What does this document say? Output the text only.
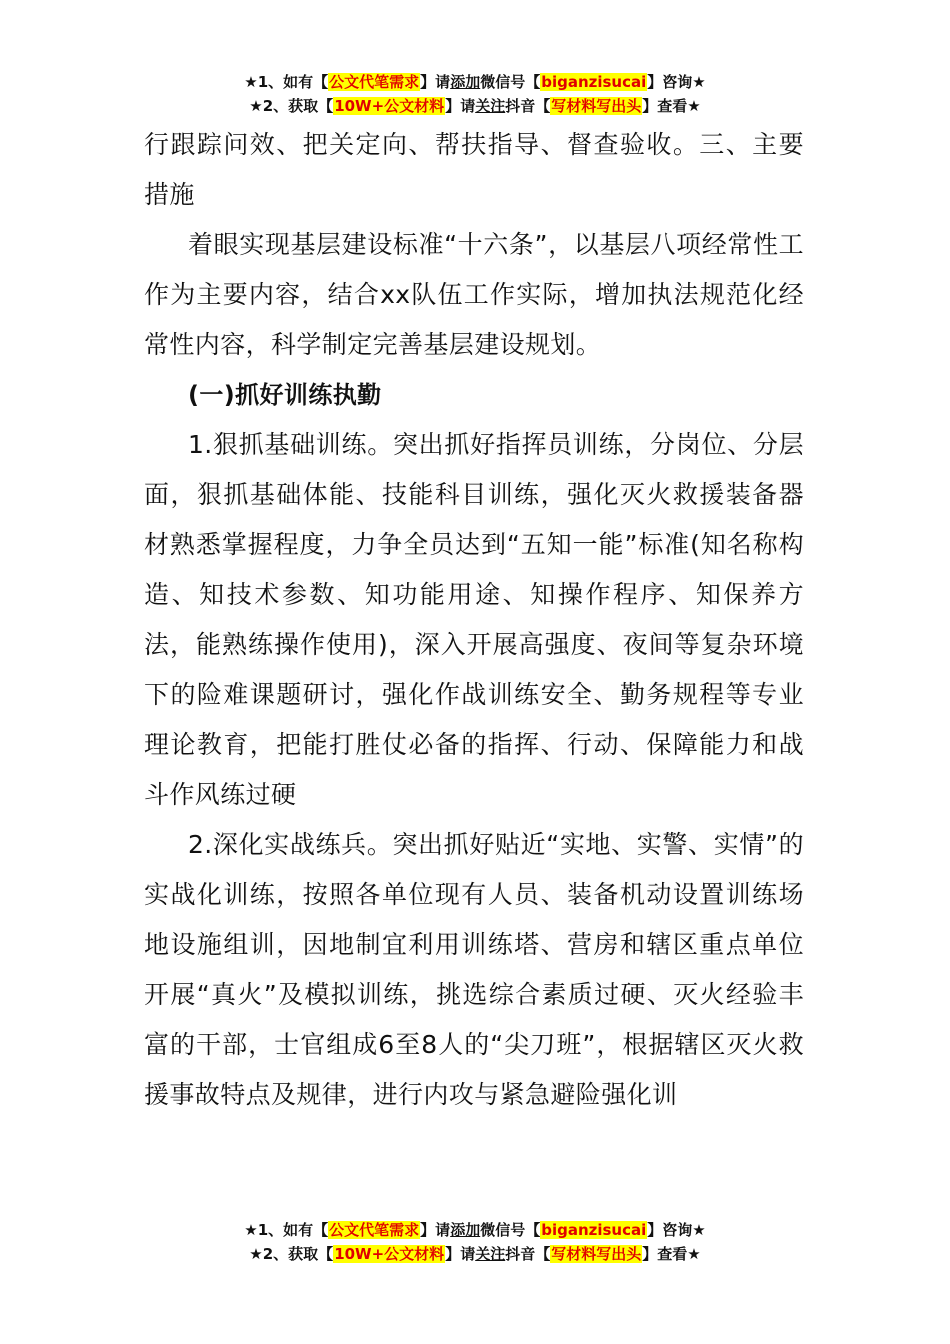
★1、如有【公文代笔需求】请添加微信号【biganzisucai】咨询★
★2、获取【10W+公文材料】请关注抖音【写材料写出头】查看★

行跟踪问效、把关定向、帮扶指导、督查验收。三、主要措施

着眼实现基层建设标准“十六条”，以基层八项经常性工作为主要内容，结合xx队伍工作实际，增加执法规范化经常性内容，科学制定完善基层建设规划。

(一)抓好训练执勤

1.狠抓基础训练。突出抓好指挥员训练，分岗位、分层面，狠抓基础体能、技能科目训练，强化灭火救援装备器材熟悉掌握程度，力争全员达到“五知一能”标准(知名称构造、知技术参数、知功能用途、知操作程序、知保养方法，能熟练操作使用)，深入开展高强度、夜间等复杂环境下的险难课题研讨，强化作战训练安全、勤务规程等专业理论教育，把能打胜仗必备的指挥、行动、保障能力和战斗作风练过硬

2.深化实战练兵。突出抓好贴近“实地、实警、实情”的实战化训练，按照各单位现有人员、装备机动设置训练场地设施组训，因地制宜利用训练塔、营房和辖区重点单位开展“真火”及模拟训练，挑选综合素质过硬、灭火经验丰富的干部，士官组成6至8人的“尖刀班”，根据辖区灭火救援事故特点及规律，进行内攻与紧急避险强化训

★1、如有【公文代笔需求】请添加微信号【biganzisucai】咨询★
★2、获取【10W+公文材料】请关注抖音【写材料写出头】查看★
